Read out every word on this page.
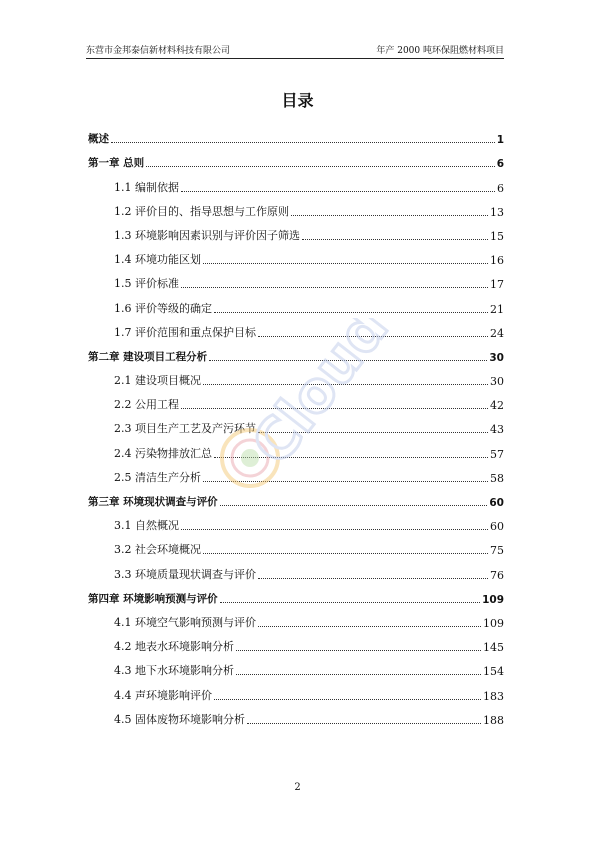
东营市金邦泰信新材料科技有限公司	年产 2000 吨环保阻燃材料项目
目录
概述	1
第一章 总则	6
1.1 编制依据	6
1.2 评价目的、指导思想与工作原则	13
1.3 环境影响因素识别与评价因子筛选	15
1.4 环境功能区划	16
1.5 评价标准	17
1.6 评价等级的确定	21
1.7 评价范围和重点保护目标	24
第二章 建设项目工程分析	30
2.1 建设项目概况	30
2.2 公用工程	42
2.3 项目生产工艺及产污环节	43
2.4 污染物排放汇总	57
2.5 清洁生产分析	58
第三章 环境现状调查与评价	60
3.1 自然概况	60
3.2 社会环境概况	75
3.3 环境质量现状调查与评价	76
第四章 环境影响预测与评价	109
4.1 环境空气影响预测与评价	109
4.2 地表水环境影响分析	145
4.3 地下水环境影响分析	154
4.4 声环境影响评价	183
4.5 固体废物环境影响分析	188
Cloud
2
